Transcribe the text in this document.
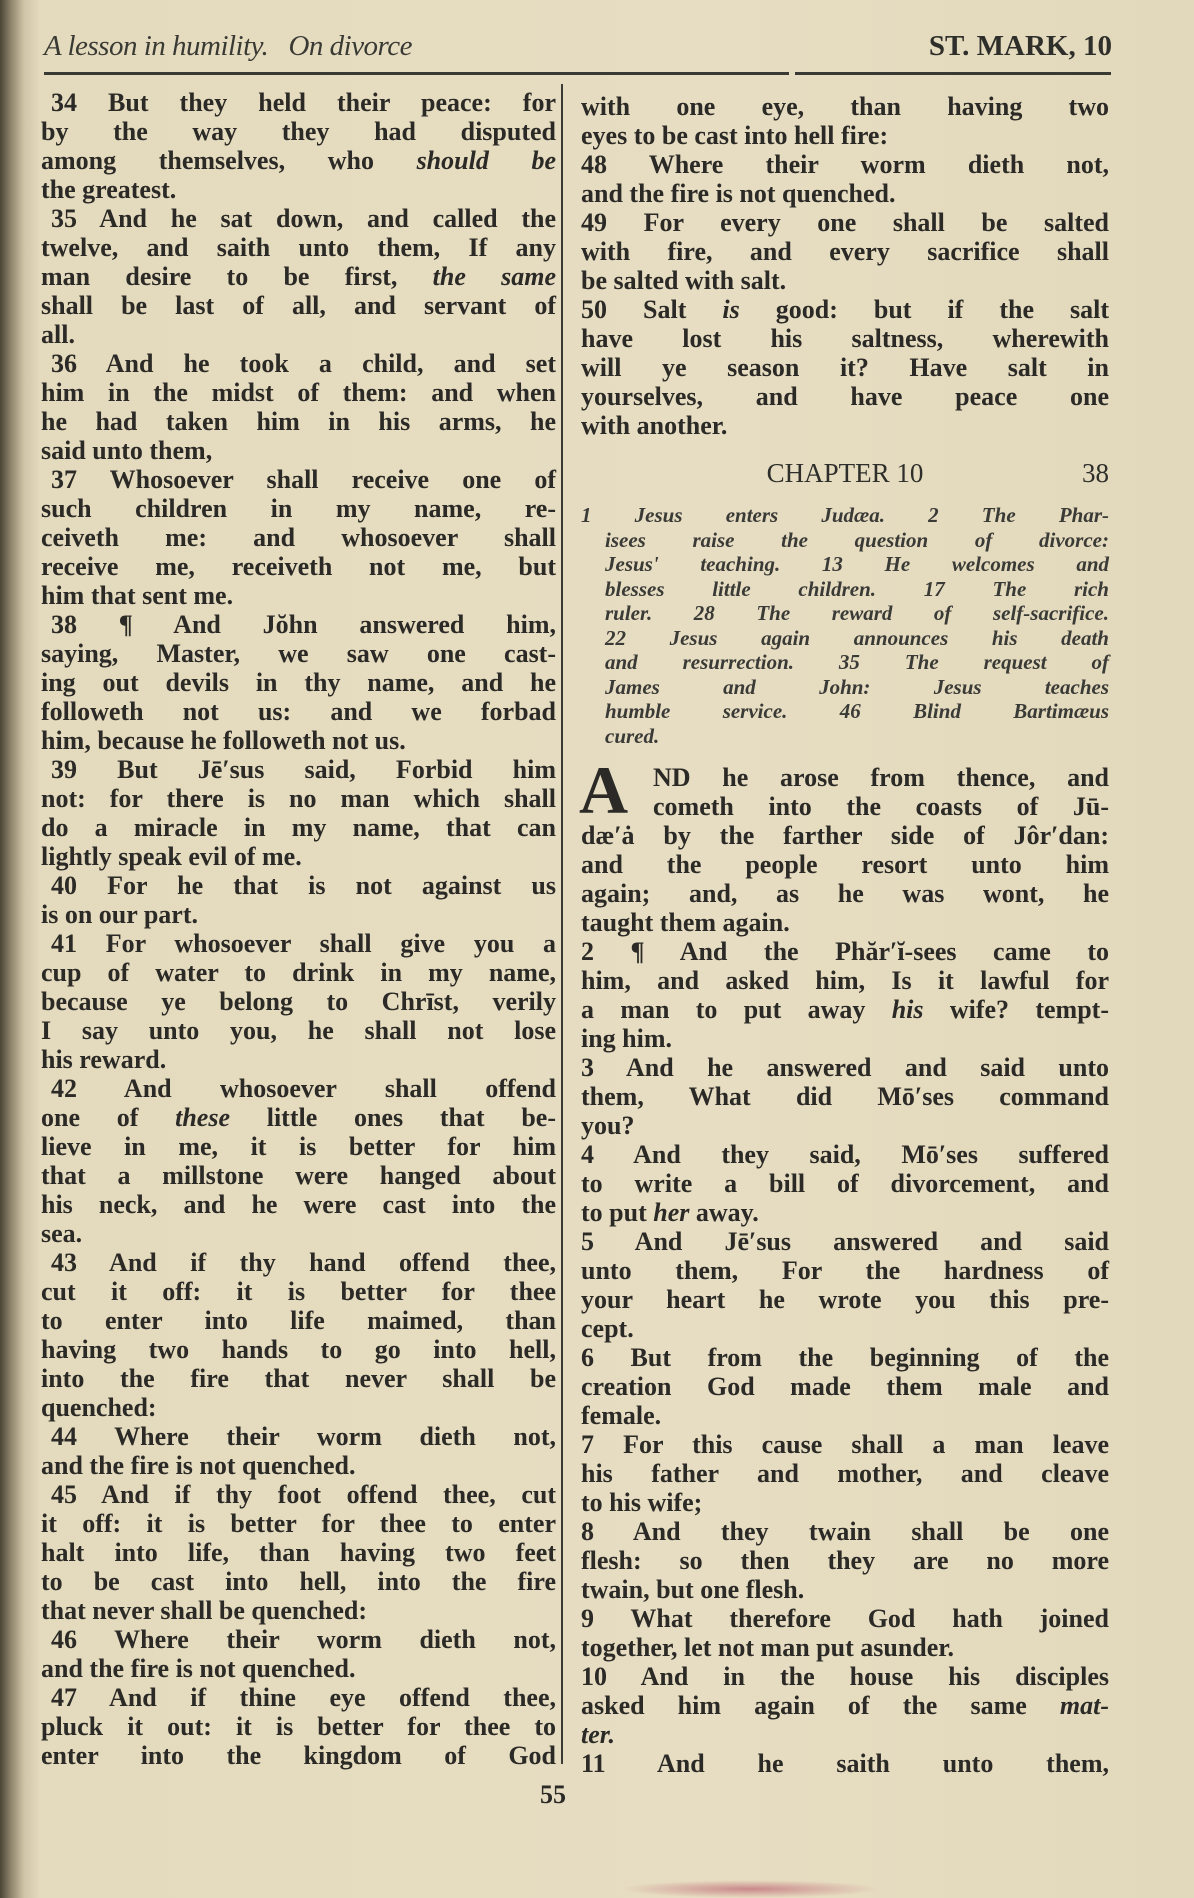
A lesson in humility.   On divorce	ST. MARK, 10
34 But they held their peace: for
by the way they had disputed
among themselves, who should be
the greatest.
35 And he sat down, and called the
twelve, and saith unto them, If any
man desire to be first, the same
shall be last of all, and servant of
all.
36 And he took a child, and set
him in the midst of them: and when
he had taken him in his arms, he
said unto them,
37 Whosoever shall receive one of
such children in my name, re-
ceiveth me: and whosoever shall
receive me, receiveth not me, but
him that sent me.
38 ¶ And Jŏhn answered him,
saying, Master, we saw one cast-
ing out devils in thy name, and he
followeth not us: and we forbad
him, because he followeth not us.
39 But Jē′sus said, Forbid him
not: for there is no man which shall
do a miracle in my name, that can
lightly speak evil of me.
40 For he that is not against us
is on our part.
41 For whosoever shall give you a
cup of water to drink in my name,
because ye belong to Chrīst, verily
I say unto you, he shall not lose
his reward.
42 And whosoever shall offend
one of these little ones that be-
lieve in me, it is better for him
that a millstone were hanged about
his neck, and he were cast into the
sea.
43 And if thy hand offend thee,
cut it off: it is better for thee
to enter into life maimed, than
having two hands to go into hell,
into the fire that never shall be
quenched:
44 Where their worm dieth not,
and the fire is not quenched.
45 And if thy foot offend thee, cut
it off: it is better for thee to enter
halt into life, than having two feet
to be cast into hell, into the fire
that never shall be quenched:
46 Where their worm dieth not,
and the fire is not quenched.
47 And if thine eye offend thee,
pluck it out: it is better for thee to
enter into the kingdom of God
with one eye, than having two
eyes to be cast into hell fire:
48 Where their worm dieth not,
and the fire is not quenched.
49 For every one shall be salted
with fire, and every sacrifice shall
be salted with salt.
50 Salt is good: but if the salt
have lost his saltness, wherewith
will ye season it? Have salt in
yourselves, and have peace one
with another.
CHAPTER 10	38
1 Jesus enters Judæa. 2 The Phar-
isees raise the question of divorce:
Jesus' teaching. 13 He welcomes and
blesses little children. 17 The rich
ruler. 28 The reward of self-sacrifice.
22 Jesus again announces his death
and resurrection. 35 The request of
James and John: Jesus teaches
humble service. 46 Blind Bartimæus
cured.
A ND he arose from thence, and
cometh into the coasts of Jū-
dæ′ȧ by the farther side of Jôr′dan:
and the people resort unto him
again; and, as he was wont, he
taught them again.
2 ¶ And the Phăr′ĭ-sees came to
him, and asked him, Is it lawful for
a man to put away his wife? tempt-
ing him.
3 And he answered and said unto
them, What did Mō′ses command
you?
4 And they said, Mō′ses suffered
to write a bill of divorcement, and
to put her away.
5 And Jē′sus answered and said
unto them, For the hardness of
your heart he wrote you this pre-
cept.
6 But from the beginning of the
creation God made them male and
female.
7 For this cause shall a man leave
his father and mother, and cleave
to his wife;
8 And they twain shall be one
flesh: so then they are no more
twain, but one flesh.
9 What therefore God hath joined
together, let not man put asunder.
10 And in the house his disciples
asked him again of the same mat-
ter.
11 And he saith unto them,
55
